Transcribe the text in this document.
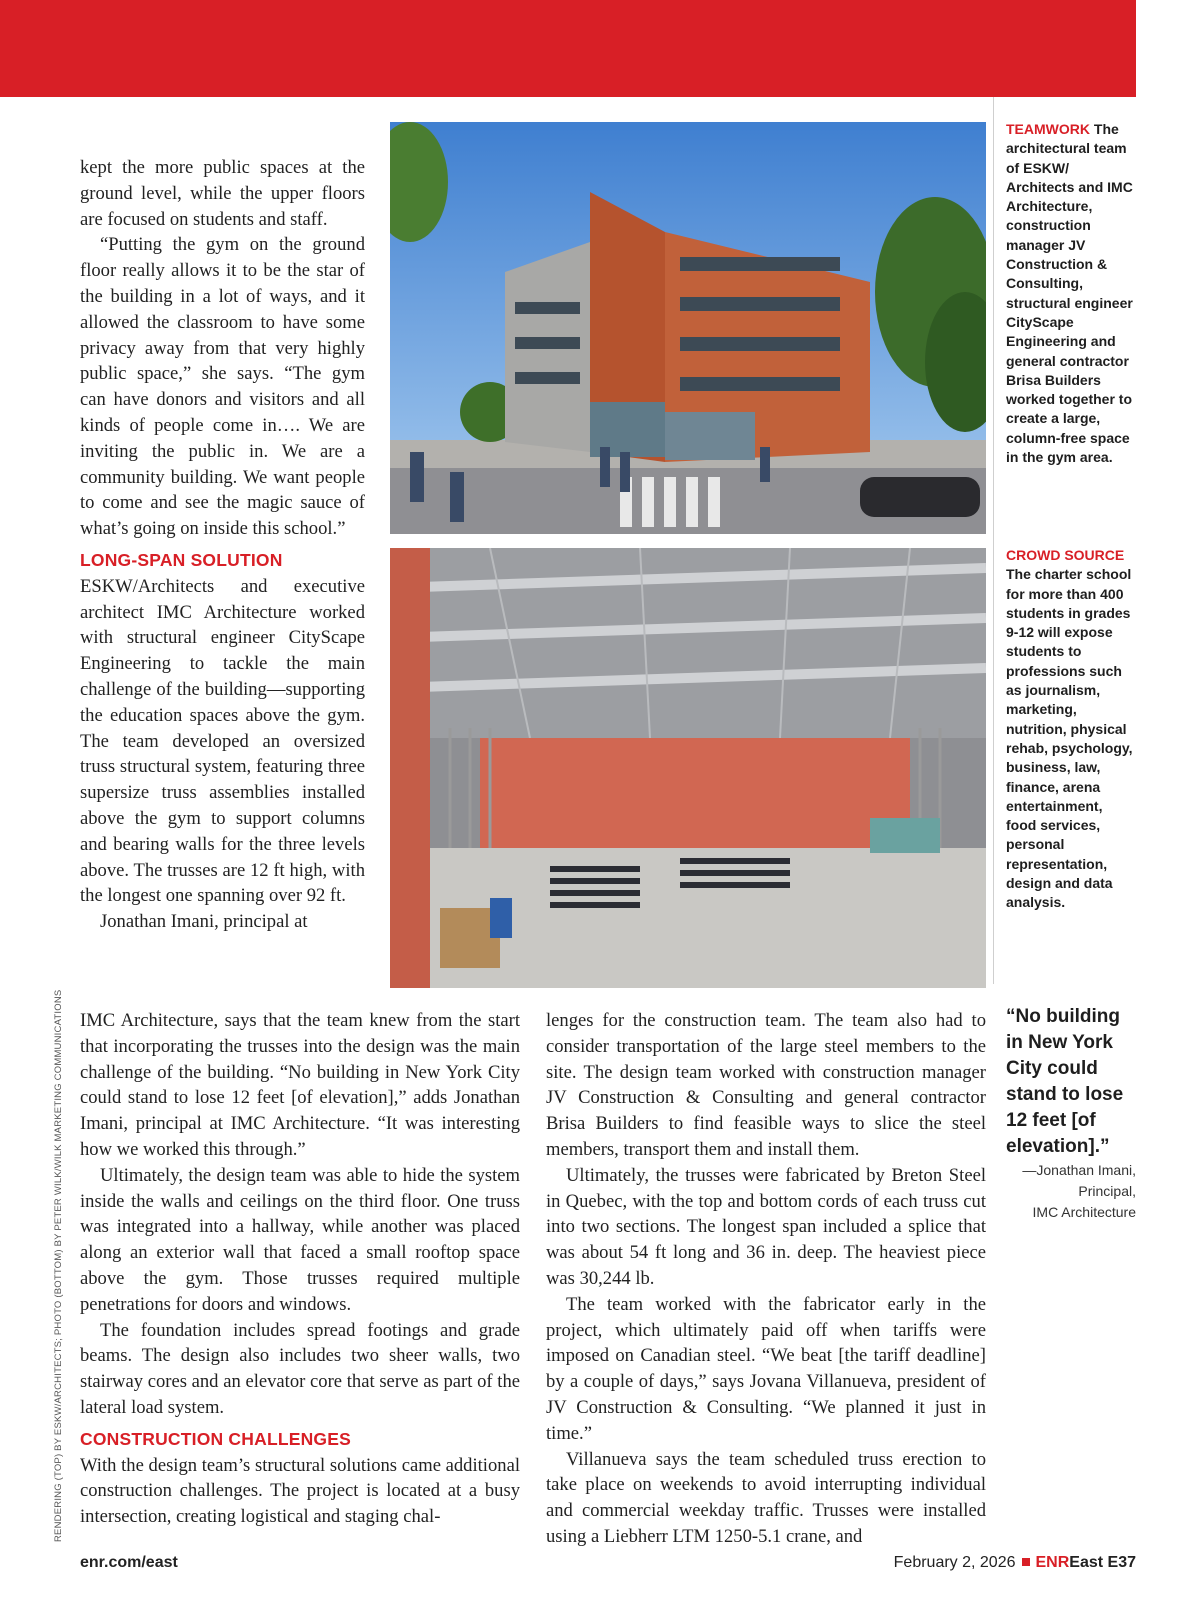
RENDERING (TOP) BY ESKW/ARCHITECTS; PHOTO (BOTTOM) BY PETER WILK/WILK MARKETING COMMUNICATIONS

kept the more public spaces at the ground level, while the upper floors are focused on students and staff.

“Putting the gym on the ground floor really allows it to be the star of the building in a lot of ways, and it allowed the classroom to have some privacy away from that very highly public space,” she says. “The gym can have donors and visitors and all kinds of people come in…. We are inviting the public in. We are a community building. We want people to come and see the magic sauce of what’s going on inside this school.”

LONG-SPAN SOLUTION

ESKW/Architects and executive architect IMC Architecture worked with structural engineer CityScape Engineering to tackle the main challenge of the building—supporting the education spaces above the gym. The team developed an oversized truss structural system, featuring three supersize truss assemblies installed above the gym to support columns and bearing walls for the three levels above. The trusses are 12 ft high, with the longest one spanning over 92 ft.

Jonathan Imani, principal at

IMC Architecture, says that the team knew from the start that incorporating the trusses into the design was the main challenge of the building. “No building in New York City could stand to lose 12 feet [of elevation],” adds Jonathan Imani, principal at IMC Architecture. “It was interesting how we worked this through.”

Ultimately, the design team was able to hide the system inside the walls and ceilings on the third floor. One truss was integrated into a hallway, while another was placed along an exterior wall that faced a small rooftop space above the gym. Those trusses required multiple penetrations for doors and windows.

The foundation includes spread footings and grade beams. The design also includes two sheer walls, two stairway cores and an elevator core that serve as part of the lateral load system.

CONSTRUCTION CHALLENGES

With the design team’s structural solutions came additional construction challenges. The project is located at a busy intersection, creating logistical and staging chal-

lenges for the construction team. The team also had to consider transportation of the large steel members to the site. The design team worked with construction manager JV Construction & Consulting and general contractor Brisa Builders to find feasible ways to slice the steel members, transport them and install them.

Ultimately, the trusses were fabricated by Breton Steel in Quebec, with the top and bottom cords of each truss cut into two sections. The longest span included a splice that was about 54 ft long and 36 in. deep. The heaviest piece was 30,244 lb.

The team worked with the fabricator early in the project, which ultimately paid off when tariffs were imposed on Canadian steel. “We beat [the tariff deadline] by a couple of days,” says Jovana Villanueva, president of JV Construction & Consulting. “We planned it just in time.”

Villanueva says the team scheduled truss erection to take place on weekends to avoid interrupting individual and commercial weekday traffic. Trusses were installed using a Liebherr LTM 1250-5.1 crane, and

TEAMWORK The architectural team of ESKW/ Architects and IMC Architecture, construction manager JV Construction & Consulting, structural engineer CityScape Engineering and general contractor Brisa Builders worked together to create a large, column-free space in the gym area.
CROWD SOURCE
The charter school for more than 400 students in grades 9-12 will expose students to professions such as journalism, marketing, nutrition, physical rehab, psychology, business, law, finance, arena entertainment, food services, personal representation, design and data analysis.
“No building in New York City could stand to lose 12 feet [of elevation].”
—Jonathan Imani,
Principal,
IMC Architecture
enr.com/east	February 2, 2026 ENREast E37
